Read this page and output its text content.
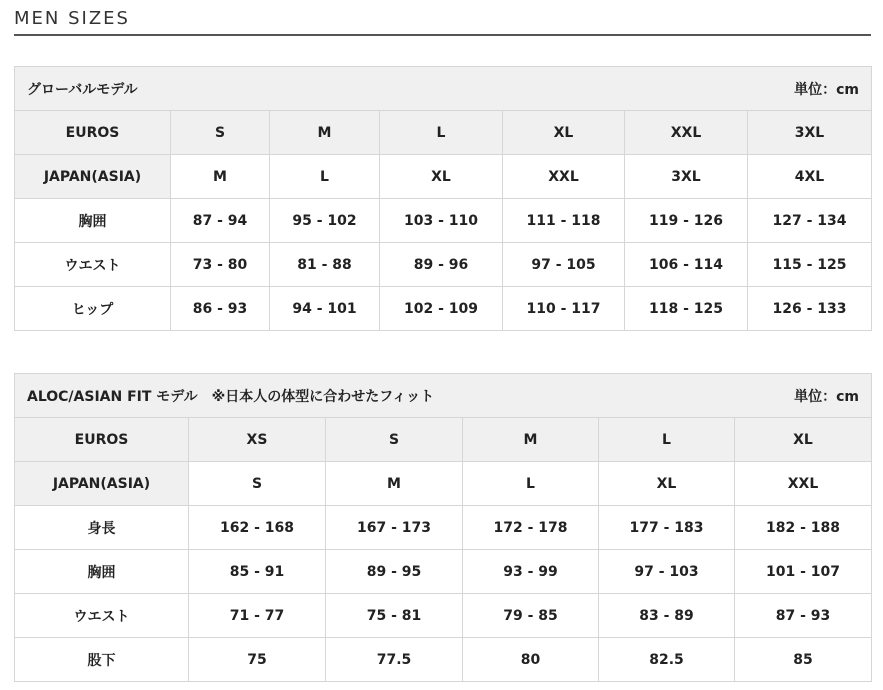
MEN SIZES
グローバルモデル 単位：cm						

EUROS	S	M	L	XL	XXL	3XL
JAPAN(ASIA)	M	L	XL	XXL	3XL	4XL
胸囲	87 - 94	95 - 102	103 - 110	111 - 118	119 - 126	127 - 134
ウエスト	73 - 80	81 - 88	89 - 96	97 - 105	106 - 114	115 - 125
ヒップ	86 - 93	94 - 101	102 - 109	110 - 117	118 - 125	126 - 133
ALOC/ASIAN FIT モデル　※日本人の体型に合わせたフィット 単位：cm					

EUROS	XS	S	M	L	XL
JAPAN(ASIA)	S	M	L	XL	XXL
身長	162 - 168	167 - 173	172 - 178	177 - 183	182 - 188
胸囲	85 - 91	89 - 95	93 - 99	97 - 103	101 - 107
ウエスト	71 - 77	75 - 81	79 - 85	83 - 89	87 - 93
股下	75	77.5	80	82.5	85
